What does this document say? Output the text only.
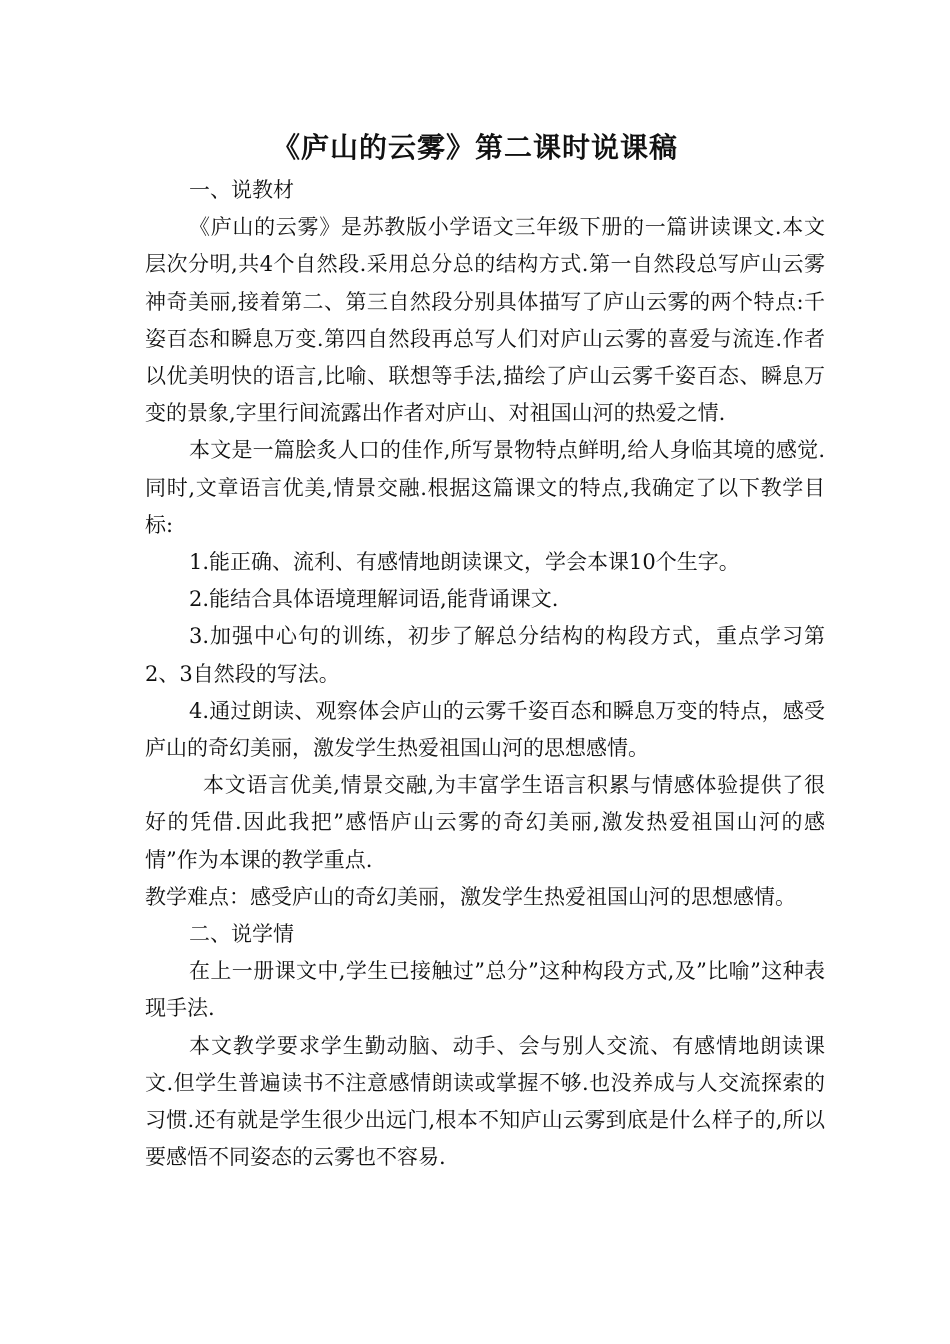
《庐山的云雾》第二课时说课稿

一、说教材

《庐山的云雾》是苏教版小学语文三年级下册的一篇讲读课文.本文层次分明,共4个自然段.采用总分总的结构方式.第一自然段总写庐山云雾神奇美丽,接着第二、第三自然段分别具体描写了庐山云雾的两个特点:千姿百态和瞬息万变.第四自然段再总写人们对庐山云雾的喜爱与流连.作者以优美明快的语言,比喻、联想等手法,描绘了庐山云雾千姿百态、瞬息万变的景象,字里行间流露出作者对庐山、对祖国山河的热爱之情.

本文是一篇脍炙人口的佳作,所写景物特点鲜明,给人身临其境的感觉.同时,文章语言优美,情景交融.根据这篇课文的特点,我确定了以下教学目标:

1.能正确、流利、有感情地朗读课文，学会本课10个生字。

2.能结合具体语境理解词语,能背诵课文.

3.加强中心句的训练，初步了解总分结构的构段方式，重点学习第2、3自然段的写法。

4.通过朗读、观察体会庐山的云雾千姿百态和瞬息万变的特点，感受庐山的奇幻美丽，激发学生热爱祖国山河的思想感情。

本文语言优美,情景交融,为丰富学生语言积累与情感体验提供了很好的凭借.因此我把”感悟庐山云雾的奇幻美丽,激发热爱祖国山河的感情”作为本课的教学重点.

教学难点：感受庐山的奇幻美丽，激发学生热爱祖国山河的思想感情。

二、说学情

在上一册课文中,学生已接触过”总分”这种构段方式,及”比喻”这种表现手法.

本文教学要求学生勤动脑、动手、会与别人交流、有感情地朗读课文.但学生普遍读书不注意感情朗读或掌握不够.也没养成与人交流探索的习惯.还有就是学生很少出远门,根本不知庐山云雾到底是什么样子的,所以要感悟不同姿态的云雾也不容易.
